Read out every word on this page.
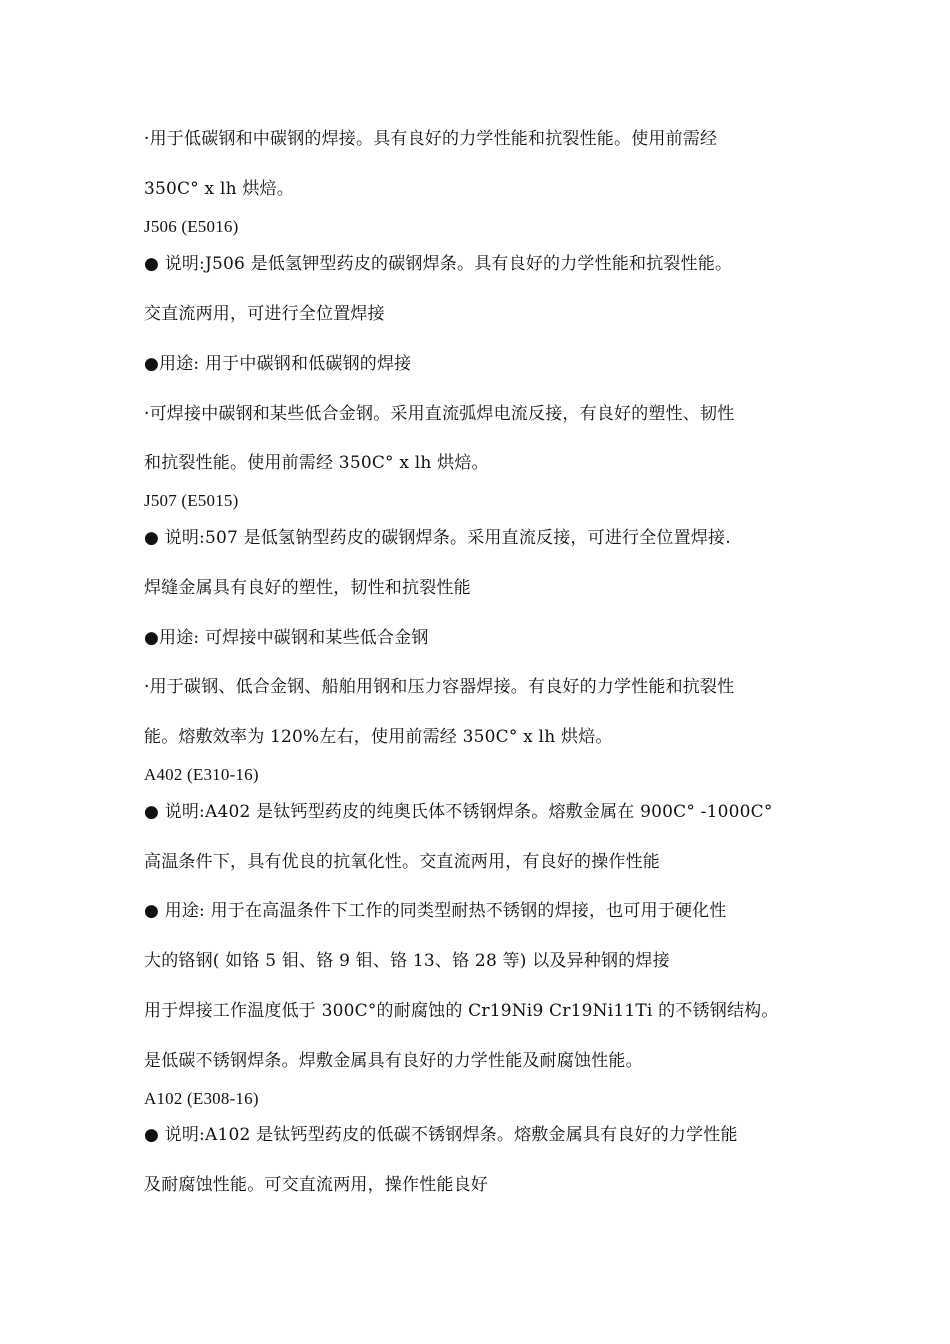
·用于低碳钢和中碳钢的焊接。具有良好的力学性能和抗裂性能。使用前需经
350C° x lh 烘焙。
J506 (E5016)
● 说明:J506 是低氢钾型药皮的碳钢焊条。具有良好的力学性能和抗裂性能。
交直流两用，可进行全位置焊接
●用途: 用于中碳钢和低碳钢的焊接
·可焊接中碳钢和某些低合金钢。采用直流弧焊电流反接，有良好的塑性、韧性
和抗裂性能。使用前需经 350C° x lh 烘焙。
J507 (E5015)
● 说明:507 是低氢钠型药皮的碳钢焊条。采用直流反接，可进行全位置焊接.
焊缝金属具有良好的塑性，韧性和抗裂性能
●用途: 可焊接中碳钢和某些低合金钢
·用于碳钢、低合金钢、船舶用钢和压力容器焊接。有良好的力学性能和抗裂性
能。熔敷效率为 120%左右，使用前需经 350C° x lh 烘焙。
A402 (E310-16)
● 说明:A402 是钛钙型药皮的纯奥氏体不锈钢焊条。熔敷金属在 900C° -1000C°
高温条件下，具有优良的抗氧化性。交直流两用，有良好的操作性能
● 用途: 用于在高温条件下工作的同类型耐热不锈钢的焊接，也可用于硬化性
大的铬钢( 如铬 5 钼、铬 9 钼、铬 13、铬 28 等) 以及异种钢的焊接
用于焊接工作温度低于 300C°的耐腐蚀的 Cr19Ni9 Cr19Ni11Ti 的不锈钢结构。
是低碳不锈钢焊条。焊敷金属具有良好的力学性能及耐腐蚀性能。
A102 (E308-16)
● 说明:A102 是钛钙型药皮的低碳不锈钢焊条。熔敷金属具有良好的力学性能
及耐腐蚀性能。可交直流两用，操作性能良好
